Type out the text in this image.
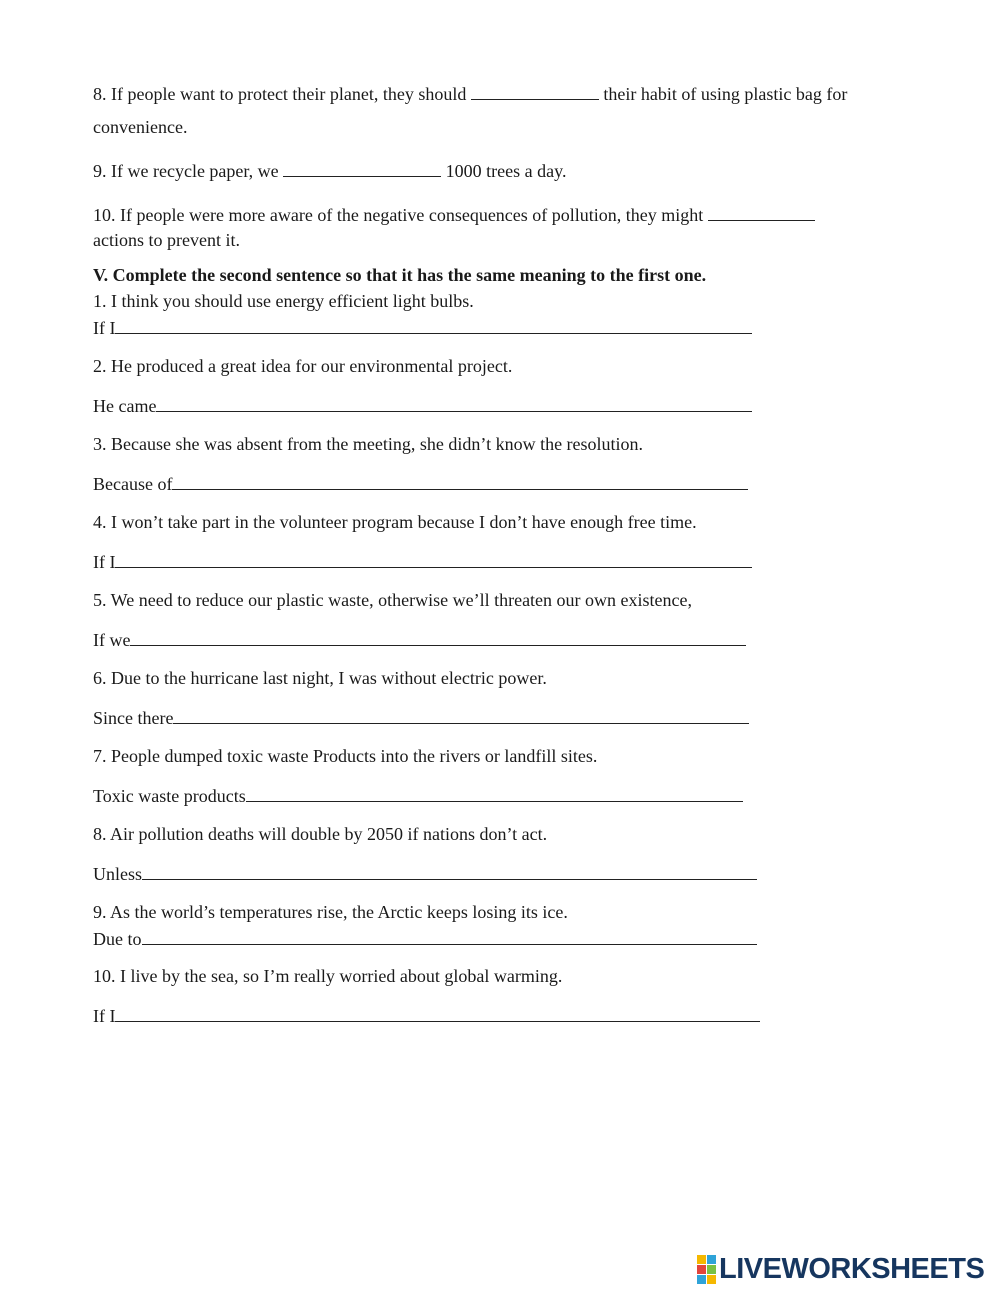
8. If people want to protect their planet, they should	their habit of using plastic bag for
convenience.
9. If we recycle paper, we	1000 trees a day.
10. If people were more aware of the negative consequences of pollution, they might
actions to prevent it.
V. Complete the second sentence so that it has the same meaning to the first one.
1. I think you should use energy efficient light bulbs.
If I
2. He produced a great idea for our environmental project.
He came
3. Because she was absent from the meeting, she didn’t know the resolution.
Because of
4. I won’t take part in the volunteer program because I don’t have enough free time.
If I
5. We need to reduce our plastic waste, otherwise we’ll threaten our own existence,
If we
6. Due to the hurricane last night, I was without electric power.
Since there
7. People dumped toxic waste Products into the rivers or landfill sites.
Toxic waste products
8. Air pollution deaths will double by 2050 if nations don’t act.
Unless
9. As the world’s temperatures rise, the Arctic keeps losing its ice.
Due to
10. I live by the sea, so I’m really worried about global warming.
If I
LIVEWORKSHEETS
